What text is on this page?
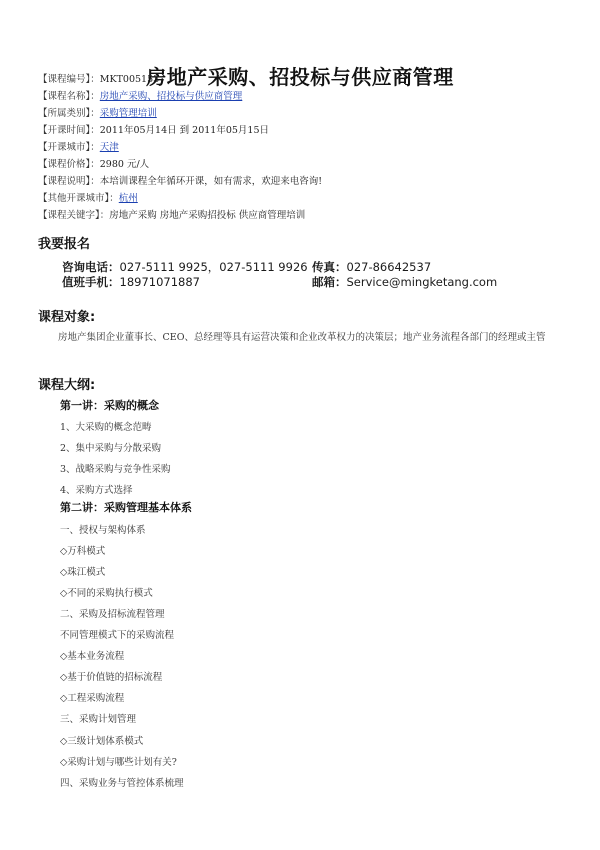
房地产采购、招投标与供应商管理
【课程编号】：MKT005153
【课程名称】：房地产采购、招投标与供应商管理
【所属类别】：采购管理培训
【开课时间】：2011年05月14日 到 2011年05月15日
【开课城市】：天津
【课程价格】：2980 元/人
【课程说明】：本培训课程全年循环开课，如有需求，欢迎来电咨询!
【其他开课城市】：杭州
【课程关键字】：房地产采购 房地产采购招投标 供应商管理培训
我要报名
咨询电话：027-5111 9925，027-5111 9926 传真：027-86642537
值班手机：18971071887	邮箱：Service@mingketang.com
课程对象:
房地产集团企业董事长、CEO、总经理等具有运营决策和企业改革权力的决策层；地产业务流程各部门的经理或主管
课程大纲:
第一讲：采购的概念
1、大采购的概念范畴
2、集中采购与分散采购
3、战略采购与竞争性采购
4、采购方式选择
第二讲：采购管理基本体系
一、授权与架构体系
◇万科模式
◇珠江模式
◇不同的采购执行模式
二、采购及招标流程管理
不同管理模式下的采购流程
◇基本业务流程
◇基于价值链的招标流程
◇工程采购流程
三、采购计划管理
◇三级计划体系模式
◇采购计划与哪些计划有关?
四、采购业务与管控体系梳理
